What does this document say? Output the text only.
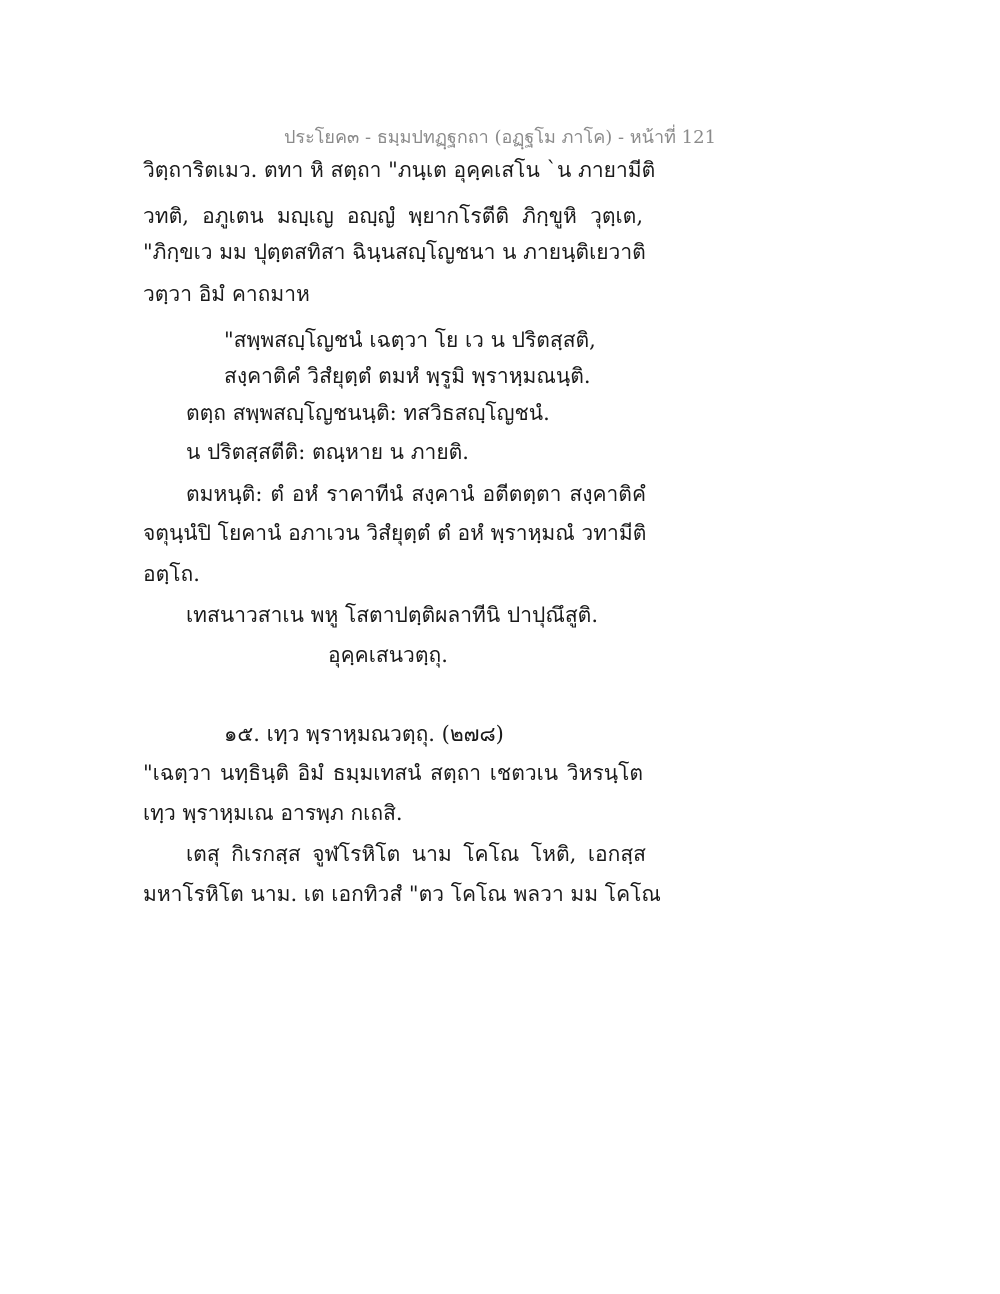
ประโยค๓ - ธมฺมปทฏฺฐกถา (อฏฺฐโม ภาโค) - หน้าที่ 121
วิตฺถาริตเมว. ตทา หิ สตฺถา "ภนฺเต อุคฺคเสโน `น ภายามีติ
วทติ, อภูเตน มญฺเญ อญฺญํ พฺยากโรตีติ ภิกฺขูหิ วุตฺเต,
"ภิกฺขเว มม ปุตฺตสทิสา ฉินฺนสญฺโญชนา น ภายนฺติเยวาติ
วตฺวา อิมํ คาถมาห
"สพฺพสญฺโญชนํ เฉตฺวา โย เว น ปริตสฺสติ,
สงฺคาติคํ วิสํยุตฺตํ ตมหํ พฺรูมิ พฺราหฺมณนฺติ.
ตตฺถ สพฺพสญฺโญชนนฺติ: ทสวิธสญฺโญชนํ.
น ปริตสฺสตีติ: ตณฺหาย น ภายติ.
ตมหนฺติ: ตํ อหํ ราคาทีนํ สงฺคานํ อตีตตฺตา สงฺคาติคํ
จตุนฺนํปิ โยคานํ อภาเวน วิสํยุตฺตํ ตํ อหํ พฺราหฺมณํ วทามีติ
อตฺโถ.
เทสนาวสาเน พหู โสตาปตฺติผลาทีนิ ปาปุณึสูติ.
อุคฺคเสนวตฺถุ.
๑๕. เทฺว พฺราหฺมณวตฺถุ. (๒๗๘)
"เฉตฺวา นทฺธินฺติ อิมํ ธมฺมเทสนํ สตฺถา เชตวเน วิหรนฺโต
เทฺว พฺราหฺมเณ อารพฺภ กเถสิ.
เตสุ กิเรกสฺส จูฬโรหิโต นาม โคโณ โหติ, เอกสฺส
มหาโรหิโต นาม. เต เอกทิวสํ "ตว โคโณ พลวา มม โคโณ
